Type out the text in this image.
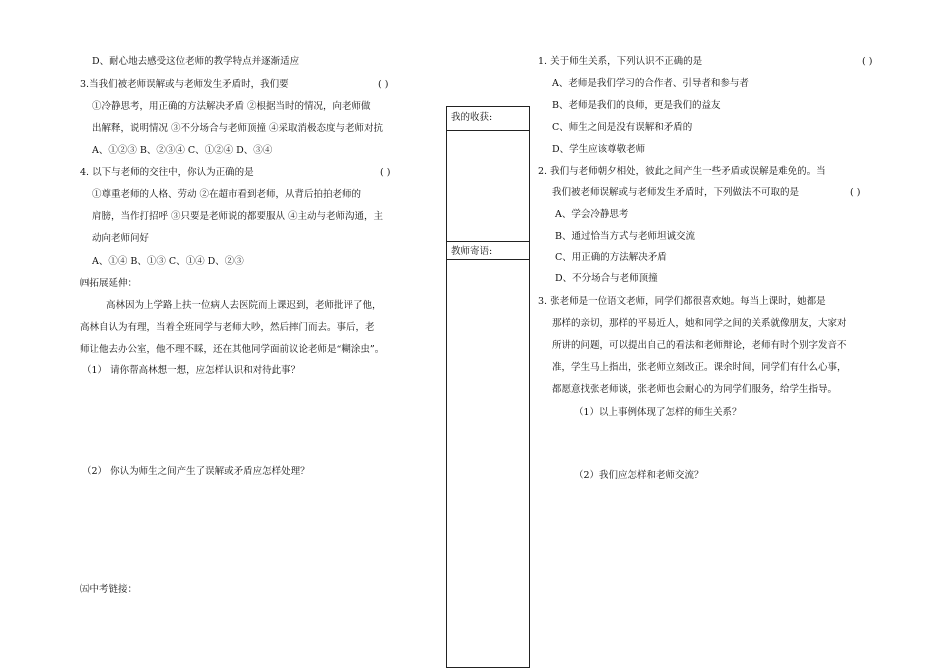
D、耐心地去感受这位老师的教学特点并逐渐适应
3.当我们被老师误解或与老师发生矛盾时，我们要	( )
①冷静思考，用正确的方法解决矛盾 ②根据当时的情况，向老师做
出解释，说明情况 ③不分场合与老师顶撞 ④采取消极态度与老师对抗
A、①②③ B、②③④ C、①②④ D、③④
4. 以下与老师的交往中，你认为正确的是	( )
①尊重老师的人格、劳动 ②在超市看到老师，从背后拍拍老师的
肩膀，当作打招呼 ③只要是老师说的都要服从 ④主动与老师沟通，主
动向老师问好
A、①④ B、①③ C、①④ D、②③
㈣拓展延伸：
高林因为上学路上扶一位病人去医院而上课迟到，老师批评了他，
高林自认为有理，当着全班同学与老师大吵，然后摔门而去。事后，老
师让他去办公室，他不理不睬，还在其他同学面前议论老师是“糊涂虫”。
（1） 请你帮高林想一想，应怎样认识和对待此事？
（2） 你认为师生之间产生了误解或矛盾应怎样处理？
㈤中考链接：
我的收获:
教师寄语:
1. 关于师生关系，下列认识不正确的是	( )
A、老师是我们学习的合作者、引导者和参与者
B、老师是我们的良师，更是我们的益友
C、师生之间是没有误解和矛盾的
D、学生应该尊敬老师
2. 我们与老师朝夕相处，彼此之间产生一些矛盾或误解是难免的。当
我们被老师误解或与老师发生矛盾时，下列做法不可取的是	( )
A、学会冷静思考
B、通过恰当方式与老师坦诚交流
C、用正确的方法解决矛盾
D、不分场合与老师顶撞
3. 张老师是一位语文老师，同学们都很喜欢她。每当上课时，她都是
那样的亲切，那样的平易近人，她和同学之间的关系就像朋友，大家对
所讲的问题，可以提出自己的看法和老师辩论，老师有时个别字发音不
准，学生马上指出，张老师立刻改正。课余时间，同学们有什么心事，
都愿意找张老师谈，张老师也会耐心的为同学们服务，给学生指导。
（1）以上事例体现了怎样的师生关系？
（2）我们应怎样和老师交流？
